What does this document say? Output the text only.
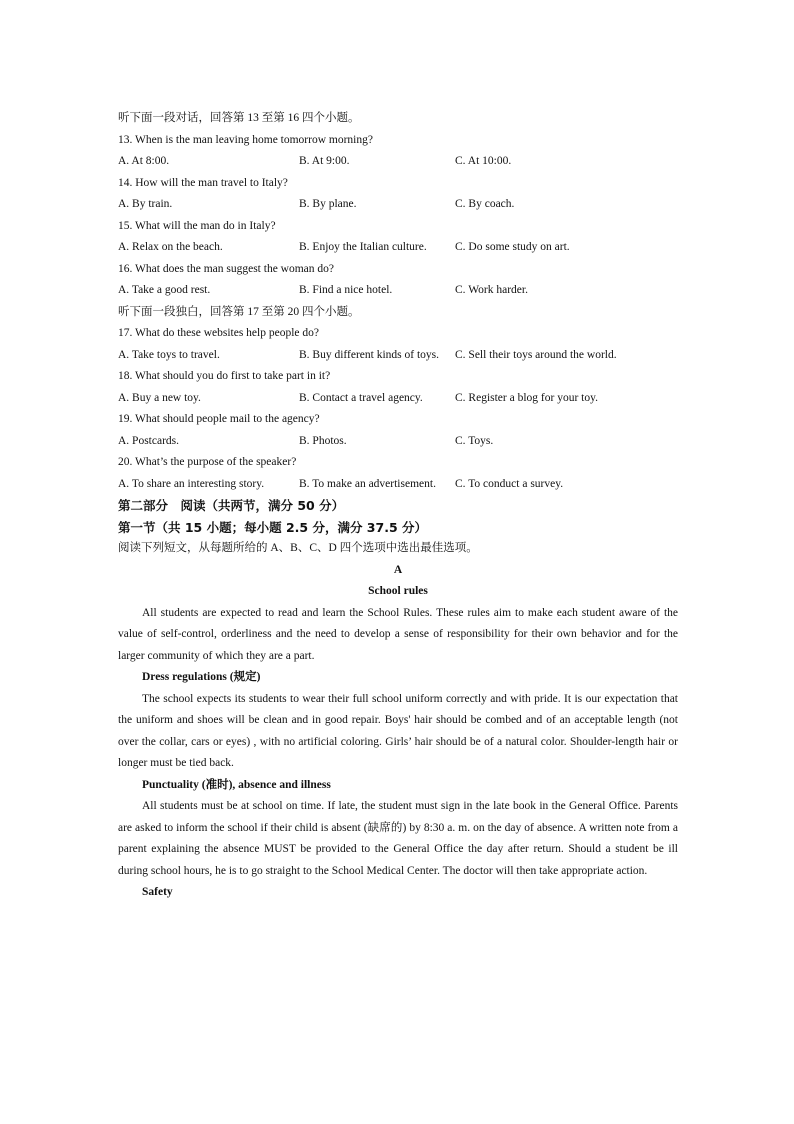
听下面一段对话，回答第 13 至第 16 四个小题。
13. When is the man leaving home tomorrow morning?
A. At 8:00.	B. At 9:00.	C. At 10:00.
14. How will the man travel to Italy?
A. By train.	B. By plane.	C. By coach.
15. What will the man do in Italy?
A. Relax on the beach.	B. Enjoy the Italian culture.	C. Do some study on art.
16. What does the man suggest the woman do?
A. Take a good rest.	B. Find a nice hotel.	C. Work harder.
听下面一段独白，回答第 17 至第 20 四个小题。
17. What do these websites help people do?
A. Take toys to travel.	B. Buy different kinds of toys.	C. Sell their toys around the world.
18. What should you do first to take part in it?
A. Buy a new toy.	B. Contact a travel agency.	C. Register a blog for your toy.
19. What should people mail to the agency?
A. Postcards.	B. Photos.	C. Toys.
20. What’s the purpose of the speaker?
A. To share an interesting story.	B. To make an advertisement.	C. To conduct a survey.
第二部分　阅读（共两节，满分 50 分）
第一节（共 15 小题；每小题 2.5 分，满分 37.5 分）
阅读下列短文，从每题所给的 A、B、C、D 四个选项中选出最佳选项。
A
School rules
All students are expected to read and learn the School Rules. These rules aim to make each student aware of the value of self-control, orderliness and the need to develop a sense of responsibility for their own behavior and for the larger community of which they are a part.
Dress regulations (规定)
The school expects its students to wear their full school uniform correctly and with pride. It is our expectation that the uniform and shoes will be clean and in good repair. Boys' hair should be combed and of an acceptable length (not over the collar, cars or eyes) , with no artificial coloring. Girls’ hair should be of a natural color. Shoulder-length hair or longer must be tied back.
Punctuality (准时), absence and illness
All students must be at school on time. If late, the student must sign in the late book in the General Office. Parents are asked to inform the school if their child is absent (缺席的) by 8:30 a. m. on the day of absence. A written note from a parent explaining the absence MUST be provided to the General Office the day after return. Should a student be ill during school hours, he is to go straight to the School Medical Center. The doctor will then take appropriate action.
Safety
